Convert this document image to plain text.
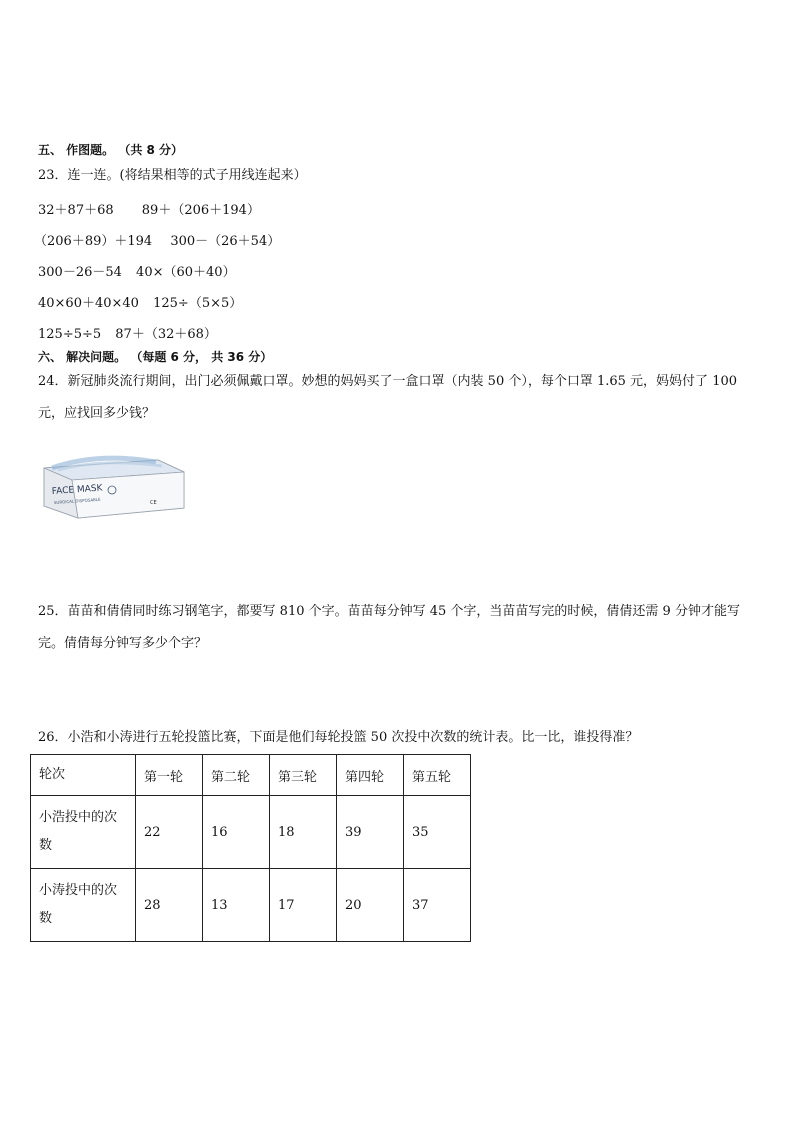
五、 作图题。 （共 8 分）
23．连一连。(将结果相等的式子用线连起来）
32＋87＋68 89＋（206＋194）
（206＋89）＋194 300－（26＋54）
300－26－54 40×（60＋40）
40×60＋40×40 125÷（5×5）
125÷5÷5 87＋（32＋68）
六、 解决问题。 （每题 6 分， 共 36 分）
24．新冠肺炎流行期间，出门必须佩戴口罩。妙想的妈妈买了一盒口罩（内装 50 个），每个口罩 1.65 元，妈妈付了 100 元，应找回多少钱？
FACE MASK
SURGICAL DISPOSABLE	CE
25．苗苗和倩倩同时练习钢笔字，都要写 810 个字。苗苗每分钟写 45 个字，当苗苗写完的时候，倩倩还需 9 分钟才能写完。倩倩每分钟写多少个字？
26．小浩和小涛进行五轮投篮比赛，下面是他们每轮投篮 50 次投中次数的统计表。比一比，谁投得准？
轮次	第一轮	第二轮	第三轮	第四轮	第五轮
小浩投中的次数	22	16	18	39	35
小涛投中的次数	28	13	17	20	37
